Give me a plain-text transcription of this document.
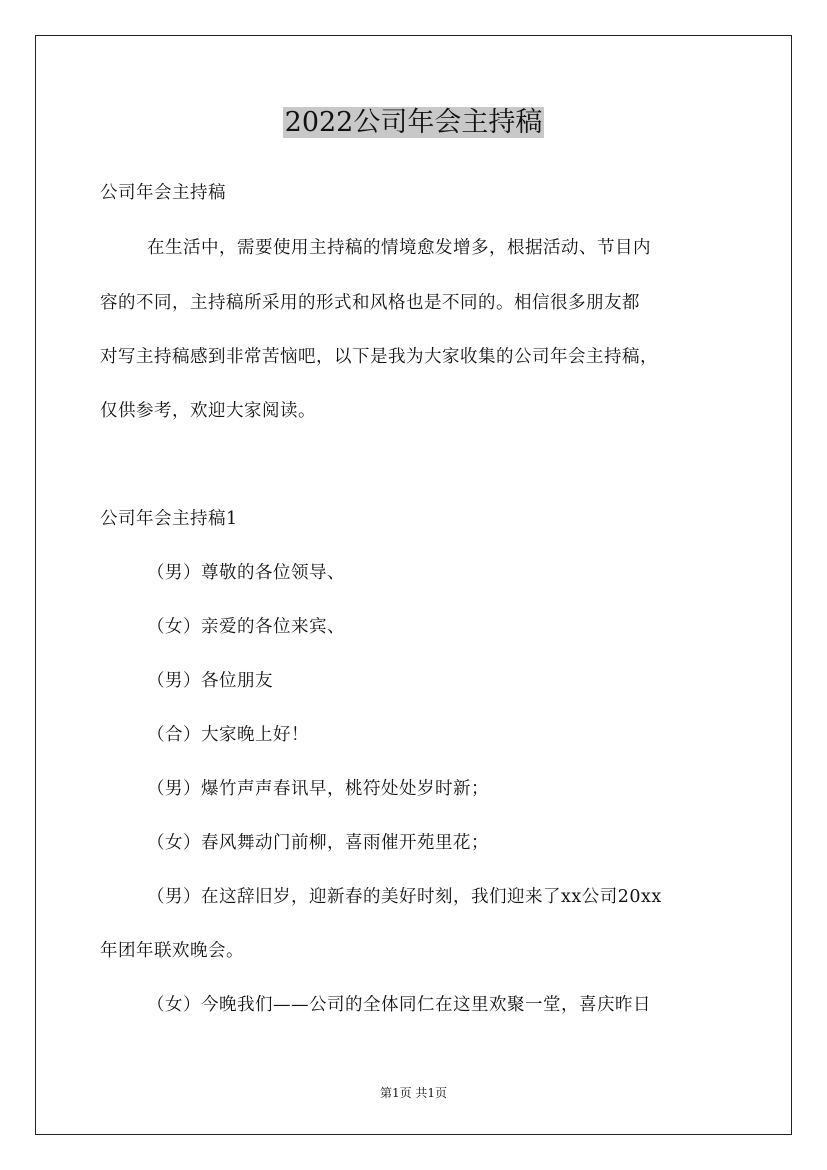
2022公司年会主持稿
公司年会主持稿
在生活中，需要使用主持稿的情境愈发增多，根据活动、节目内
容的不同，主持稿所采用的形式和风格也是不同的。相信很多朋友都
对写主持稿感到非常苦恼吧，以下是我为大家收集的公司年会主持稿，
仅供参考，欢迎大家阅读。
公司年会主持稿1
（男）尊敬的各位领导、
（女）亲爱的各位来宾、
（男）各位朋友
（合）大家晚上好！
（男）爆竹声声春讯早，桃符处处岁时新；
（女）春风舞动门前柳，喜雨催开苑里花；
（男）在这辞旧岁，迎新春的美好时刻，我们迎来了xx公司20xx
年团年联欢晚会。
（女）今晚我们——公司的全体同仁在这里欢聚一堂，喜庆昨日
第1页 共1页
